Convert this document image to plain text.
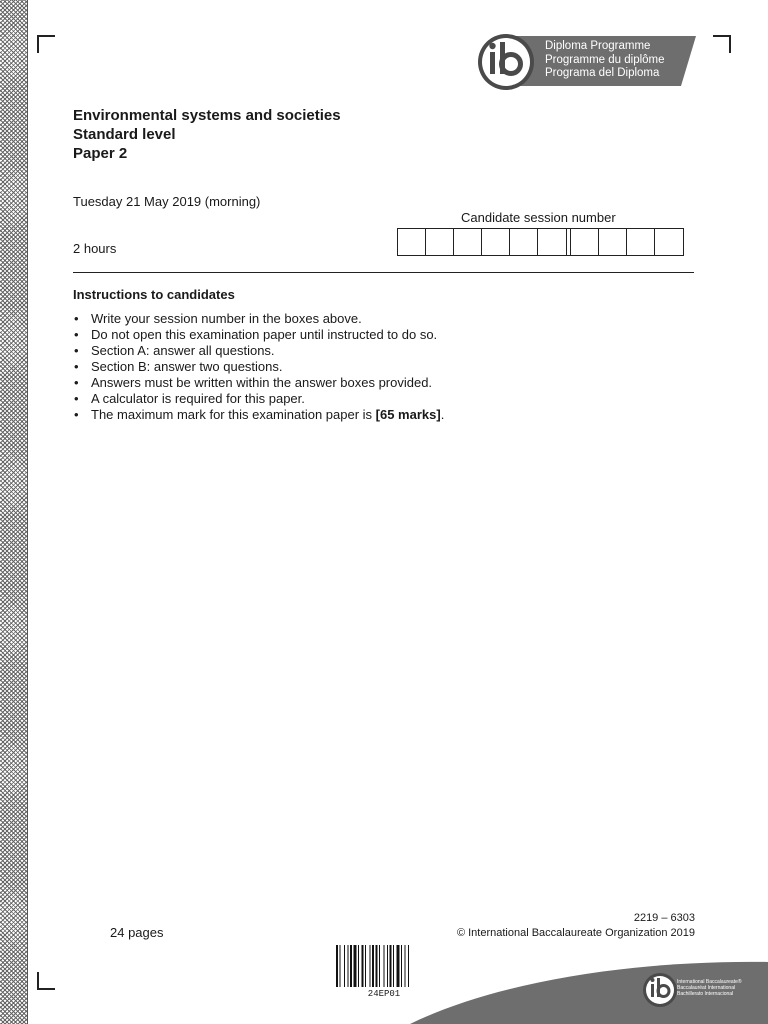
Diploma Programme
Programme du diplôme
Programa del Diploma
Environmental systems and societies
Standard level
Paper 2
Tuesday 21 May 2019 (morning)
2 hours
Candidate session number
Instructions to candidates
• Write your session number in the boxes above.
• Do not open this examination paper until instructed to do so.
• Section A: answer all questions.
• Section B: answer two questions.
• Answers must be written within the answer boxes provided.
• A calculator is required for this paper.
• The maximum mark for this examination paper is [65 marks].
24 pages
2219 – 6303
© International Baccalaureate Organization 2019
24EP01
International Baccalaureate®
Baccalauréat International
Bachillerato Internacional
